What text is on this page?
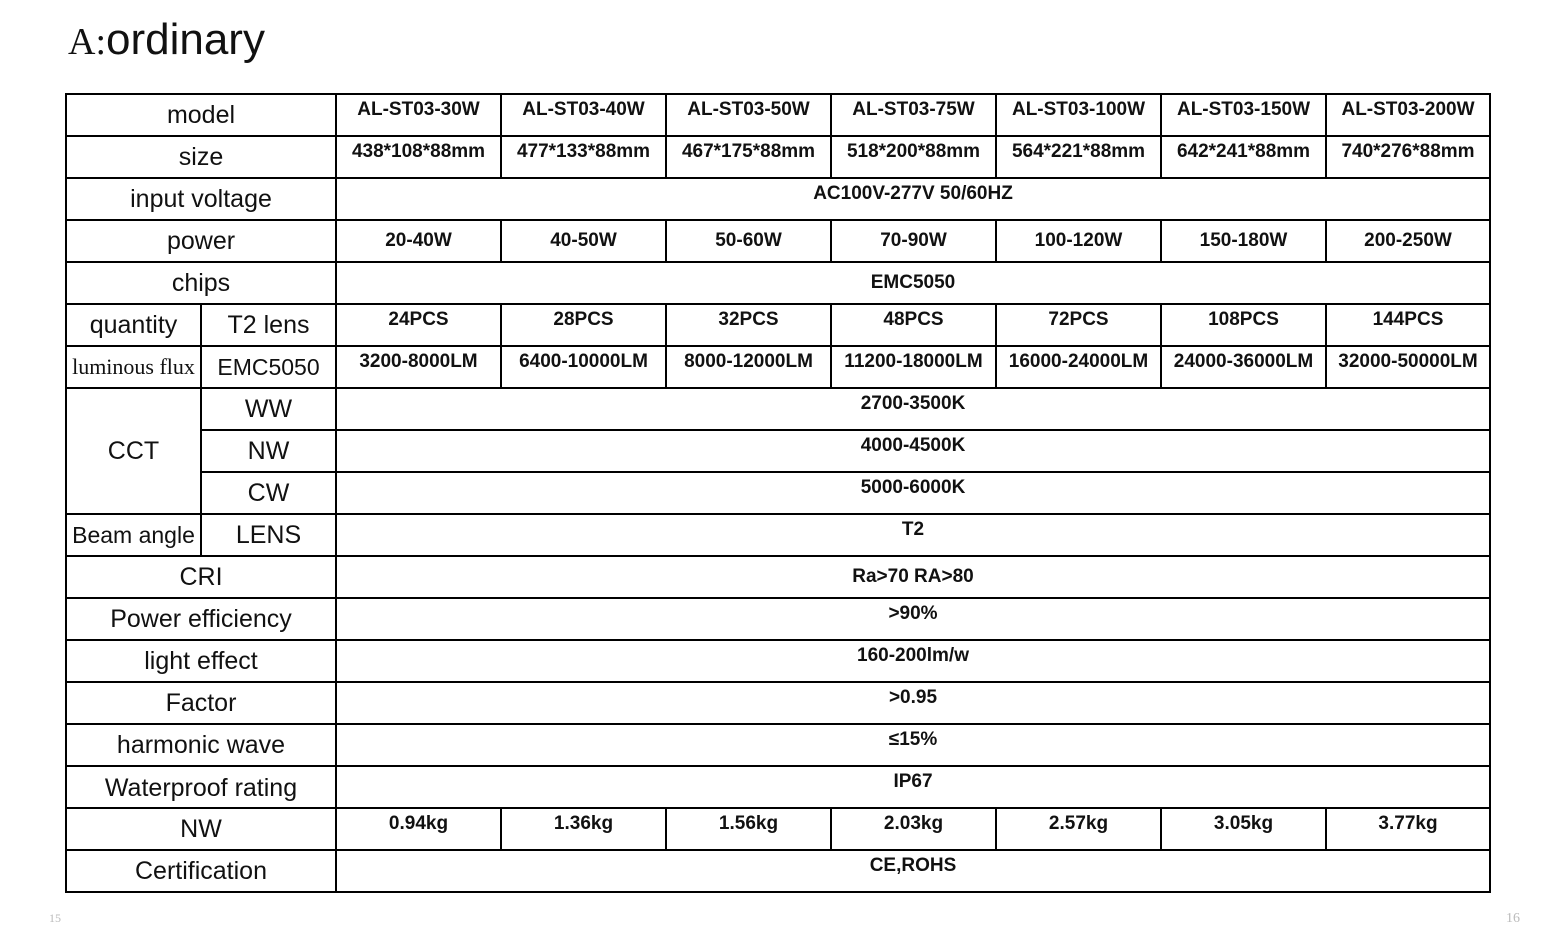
A:ordinary
model		AL-ST03-30W	AL-ST03-40W	AL-ST03-50W	AL-ST03-75W	AL-ST03-100W	AL-ST03-150W	AL-ST03-200W
size		438*108*88mm	477*133*88mm	467*175*88mm	518*200*88mm	564*221*88mm	642*241*88mm	740*276*88mm
input voltage		AC100V-277V 50/60HZ						
power		20-40W	40-50W	50-60W	70-90W	100-120W	150-180W	200-250W
chips		EMC5050						
quantity	T2 lens	24PCS	28PCS	32PCS	48PCS	72PCS	108PCS	144PCS
luminous flux	EMC5050	3200-8000LM	6400-10000LM	8000-12000LM	11200-18000LM	16000-24000LM	24000-36000LM	32000-50000LM
CCT	WW	2700-3500K						
	NW	4000-4500K						
	CW	5000-6000K						
Beam angle	LENS	T2						
CRI		Ra>70 RA>80						
Power efficiency		>90%						
light effect		160-200lm/w						
Factor		>0.95						
harmonic wave		≤15%						
Waterproof rating		IP67						
NW		0.94kg	1.36kg	1.56kg	2.03kg	2.57kg	3.05kg	3.77kg
Certification		CE,ROHS						
15	16
